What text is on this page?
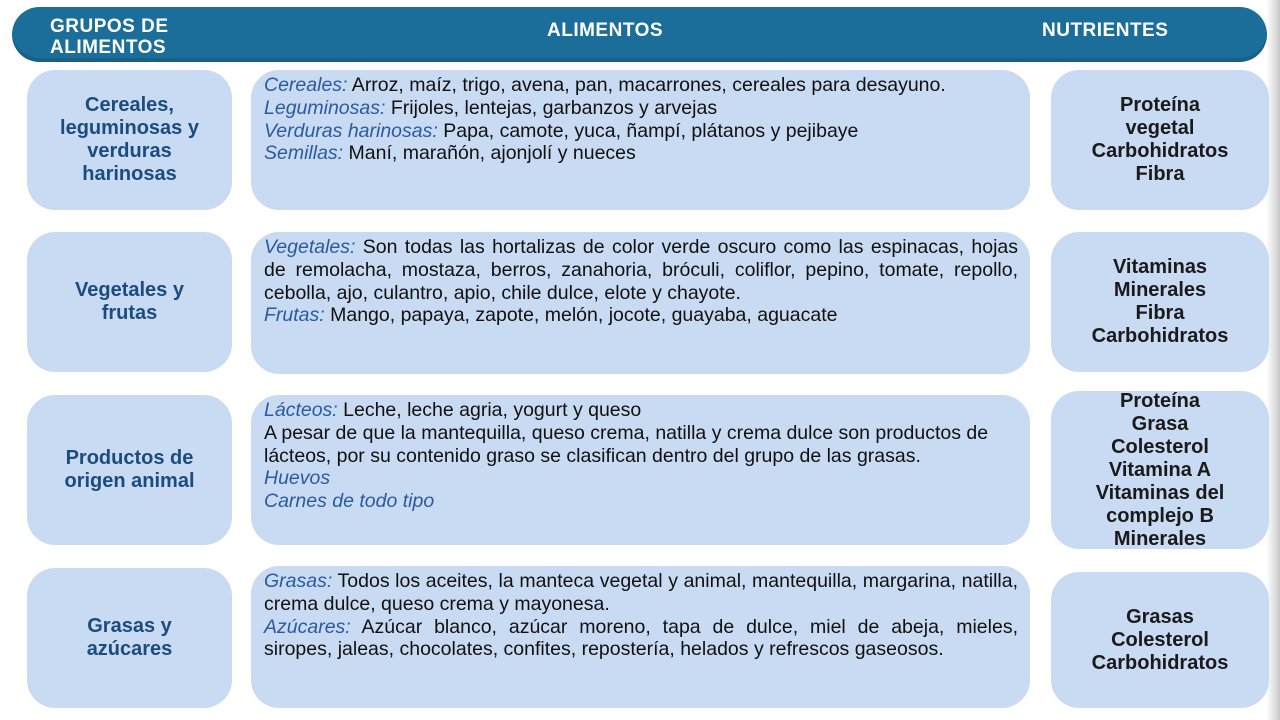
GRUPOS DE ALIMENTOS
ALIMENTOS	NUTRIENTES
Cereales, leguminosas y verduras harinosas
Cereales: Arroz, maíz, trigo, avena, pan, macarrones, cereales para desayuno.
Leguminosas: Frijoles, lentejas, garbanzos y arvejas
Verduras harinosas: Papa, camote, yuca, ñampí, plátanos y pejibaye
Semillas: Maní, marañón, ajonjolí y nueces
Proteína
vegetal
Carbohidratos
Fibra
Vegetales y frutas
Vegetales: Son todas las hortalizas de color verde oscuro como las espinacas, hojas de remolacha, mostaza, berros, zanahoria, bróculi, coliflor, pepino, tomate, repollo, cebolla, ajo, culantro, apio, chile dulce, elote y chayote.
Frutas: Mango, papaya, zapote, melón, jocote, guayaba, aguacate
Vitaminas
Minerales
Fibra
Carbohidratos
Productos de origen animal
Lácteos: Leche, leche agria, yogurt y queso
A pesar de que la mantequilla, queso crema, natilla y crema dulce son productos de lácteos, por su contenido graso se clasifican dentro del grupo de las grasas.
Huevos
Carnes de todo tipo
Proteína
Grasa
Colesterol
Vitamina A
Vitaminas del complejo B
Minerales
Grasas y azúcares
Grasas: Todos los aceites, la manteca vegetal y animal, mantequilla, margarina, natilla, crema dulce, queso crema y mayonesa.
Azúcares: Azúcar blanco, azúcar moreno, tapa de dulce, miel de abeja, mieles, siropes, jaleas, chocolates, confites, repostería, helados y refrescos gaseosos.
Grasas
Colesterol
Carbohidratos
